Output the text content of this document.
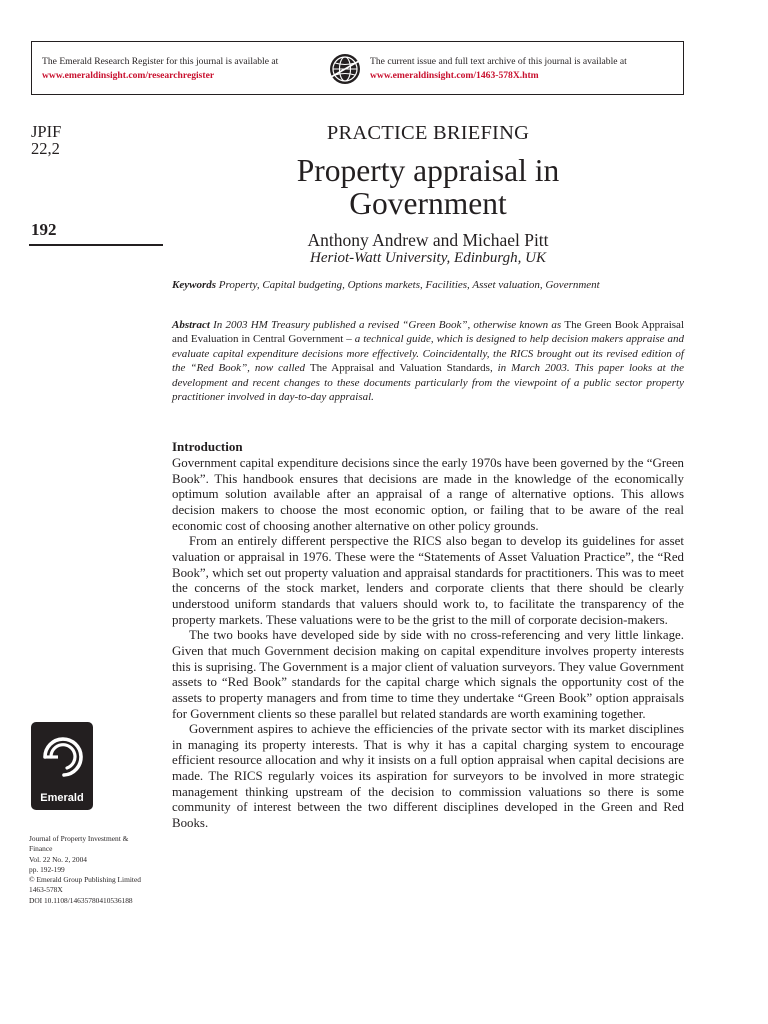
The Emerald Research Register for this journal is available at
www.emeraldinsight.com/researchregister
The current issue and full text archive of this journal is available at
www.emeraldinsight.com/1463-578X.htm
JPIF
22,2
192
Emerald
Journal of Property Investment &
Finance
Vol. 22 No. 2, 2004
pp. 192-199
© Emerald Group Publishing Limited
1463-578X
DOI 10.1108/14635780410536188
PRACTICE BRIEFING
Property appraisal in
Government
Anthony Andrew and Michael Pitt
Heriot-Watt University, Edinburgh, UK
Keywords Property, Capital budgeting, Options markets, Facilities, Asset valuation, Government
Abstract In 2003 HM Treasury published a revised “Green Book”, otherwise known as The Green Book Appraisal and Evaluation in Central Government – a technical guide, which is designed to help decision makers appraise and evaluate capital expenditure decisions more effectively. Coincidentally, the RICS brought out its revised edition of the “Red Book”, now called The Appraisal and Valuation Standards, in March 2003. This paper looks at the development and recent changes to these documents particularly from the viewpoint of a public sector property practitioner involved in day-to-day appraisal.
Introduction

Government capital expenditure decisions since the early 1970s have been governed by the “Green Book”. This handbook ensures that decisions are made in the knowledge of the economically optimum solution available after an appraisal of a range of alternative options. This allows decision makers to choose the most economic option, or failing that to be aware of the real economic cost of choosing another alternative on other policy grounds.

From an entirely different perspective the RICS also began to develop its guidelines for asset valuation or appraisal in 1976. These were the “Statements of Asset Valuation Practice”, the “Red Book”, which set out property valuation and appraisal standards for practitioners. This was to meet the concerns of the stock market, lenders and corporate clients that there should be clearly understood uniform standards that valuers should work to, to facilitate the transparency of the property markets. These valuations were to be the grist to the mill of corporate decision-makers.

The two books have developed side by side with no cross-referencing and very little linkage. Given that much Government decision making on capital expenditure involves property interests this is suprising. The Government is a major client of valuation surveyors. They value Government assets to “Red Book” standards for the capital charge which signals the opportunity cost of the assets to property managers and from time to time they undertake “Green Book” option appraisals for Government clients so these parallel but related standards are worth examining together.

Government aspires to achieve the efficiencies of the private sector with its market disciplines in managing its property interests. That is why it has a capital charging system to encourage efficient resource allocation and why it insists on a full option appraisal when capital decisions are made. The RICS regularly voices its aspiration for surveyors to be involved in more strategic management thinking upstream of the decision to commission valuations so there is some community of interest between the two different disciplines developed in the Green and Red Books.
